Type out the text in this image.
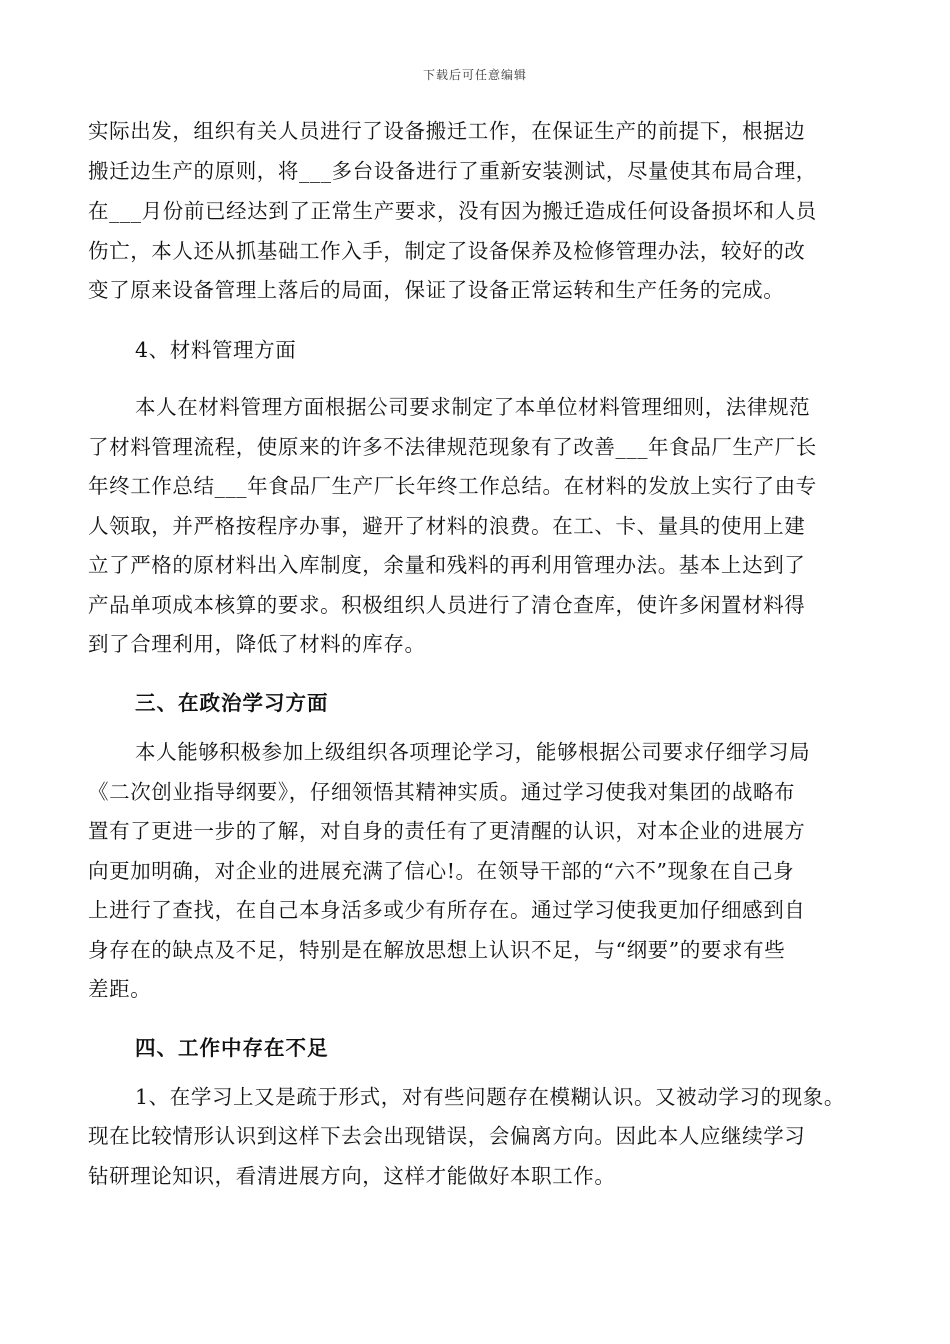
下载后可任意编辑
实际出发，组织有关人员进行了设备搬迁工作，在保证生产的前提下，根据边
搬迁边生产的原则，将___多台设备进行了重新安装测试，尽量使其布局合理，
在___月份前已经达到了正常生产要求，没有因为搬迁造成任何设备损坏和人员
伤亡，本人还从抓基础工作入手，制定了设备保养及检修管理办法，较好的改
变了原来设备管理上落后的局面，保证了设备正常运转和生产任务的完成。
4、材料管理方面
本人在材料管理方面根据公司要求制定了本单位材料管理细则，法律规范
了材料管理流程，使原来的许多不法律规范现象有了改善___年食品厂生产厂长
年终工作总结___年食品厂生产厂长年终工作总结。在材料的发放上实行了由专
人领取，并严格按程序办事，避开了材料的浪费。在工、卡、量具的使用上建
立了严格的原材料出入库制度，余量和残料的再利用管理办法。基本上达到了
产品单项成本核算的要求。积极组织人员进行了清仓查库，使许多闲置材料得
到了合理利用，降低了材料的库存。
三、在政治学习方面
本人能够积极参加上级组织各项理论学习，能够根据公司要求仔细学习局
《二次创业指导纲要》，仔细领悟其精神实质。通过学习使我对集团的战略布
置有了更进一步的了解，对自身的责任有了更清醒的认识，对本企业的进展方
向更加明确，对企业的进展充满了信心!。在领导干部的“六不”现象在自己身
上进行了查找，在自己本身活多或少有所存在。通过学习使我更加仔细感到自
身存在的缺点及不足，特别是在解放思想上认识不足，与“纲要”的要求有些
差距。
四、工作中存在不足
1、在学习上又是疏于形式，对有些问题存在模糊认识。又被动学习的现象。
现在比较情形认识到这样下去会出现错误，会偏离方向。因此本人应继续学习
钻研理论知识，看清进展方向，这样才能做好本职工作。
